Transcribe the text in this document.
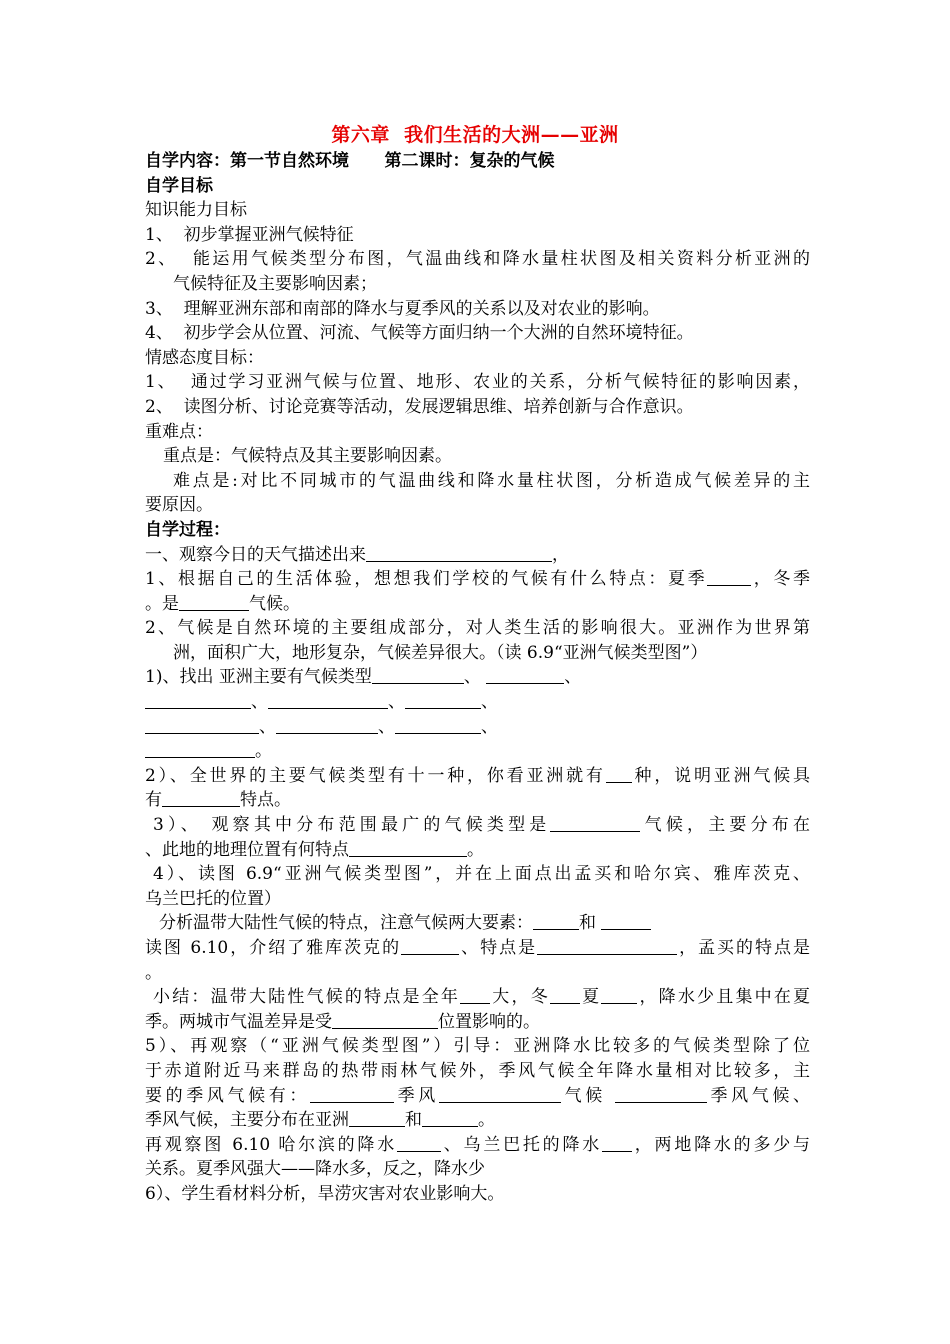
第六章  我们生活的大洲——亚洲
自学内容：第一节自然环境      第二课时：复杂的气候
自学目标
知识能力目标
1、  初步掌握亚洲气候特征
2、  能运用气候类型分布图，气温曲线和降水量柱状图及相关资料分析亚洲的
气候特征及主要影响因素；
3、  理解亚洲东部和南部的降水与夏季风的关系以及对农业的影响。
4、  初步学会从位置、河流、气候等方面归纳一个大洲的自然环境特征。
情感态度目标：
1、  通过学习亚洲气候与位置、地形、农业的关系，分析气候特征的影响因素，
2、  读图分析、讨论竞赛等活动，发展逻辑思维、培养创新与合作意识。
重难点：
重点是：气候特点及其主要影响因素。
难点是:对比不同城市的气温曲线和降水量柱状图，分析造成气候差异的主
要原因。
自学过程：
一、观察今日的天气描述出来	，
1、根据自己的生活体验，想想我们学校的气候有什么特点：夏季	，冬季
。是	气候。
2、气候是自然环境的主要组成部分，对人类生活的影响很大。亚洲作为世界第
洲，面积广大，地形复杂，气候差异很大。（读 6.9“亚洲气候类型图”）
1)、找出 亚洲主要有气候类型	、	、
、	、	、
、	、	、
。
2）、全世界的主要气候类型有十一种，你看亚洲就有 种，说明亚洲气候具
有	特点。
3）、 观察其中分布范围最广的气候类型是	气候，主要分布在
、此地的地理位置有何特点	。
4）、读图 6.9“亚洲气候类型图”，并在上面点出孟买和哈尔宾、雅库茨克、
乌兰巴托的位置）
分析温带大陆性气候的特点，注意气候两大要素：	和
读图 6.10，介绍了雅库茨克的	、特点是	，孟买的特点是
。
小结：温带大陆性气候的特点是全年 大，冬 夏 ，降水少且集中在夏
季。两城市气温差异是受	位置影响的。
5）、再观察（“亚洲气候类型图”）引导：亚洲降水比较多的气候类型除了位
于赤道附近马来群岛的热带雨林气候外，季风气候全年降水量相对比较多，主
要的季风气候有：	季风	气候	季风气候、
季风气候，主要分布在亚洲	和	。
再观察图 6.10 哈尔滨的降水	、乌兰巴托的降水 ，两地降水的多少与
关系。夏季风强大——降水多，反之，降水少
6）、学生看材料分析，旱涝灾害对农业影响大。
